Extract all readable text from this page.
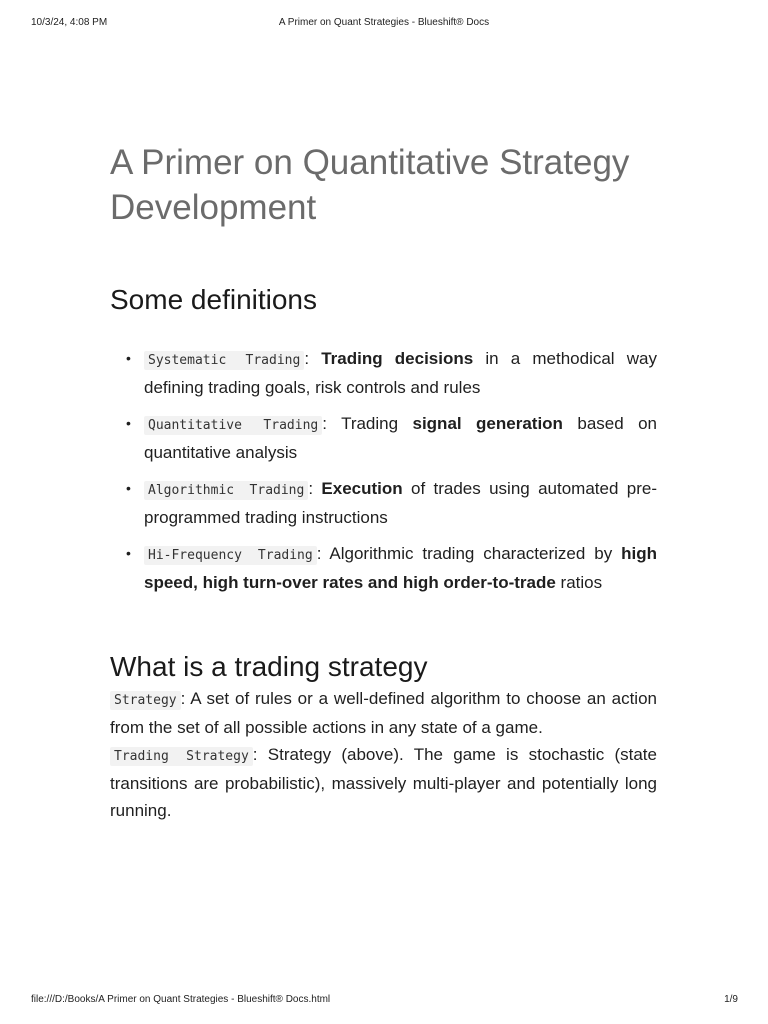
10/3/24, 4:08 PM	A Primer on Quant Strategies - Blueshift® Docs
A Primer on Quantitative Strategy Development
Some definitions
• Systematic Trading : Trading decisions in a methodical way defining trading goals, risk controls and rules
• Quantitative Trading : Trading signal generation based on quantitative analysis
• Algorithmic Trading : Execution of trades using automated pre-programmed trading instructions
• Hi-Frequency Trading : Algorithmic trading characterized by high speed, high turn-over rates and high order-to-trade ratios
What is a trading strategy

Strategy : A set of rules or a well-defined algorithm to choose an action from the set of all possible actions in any state of a game.

Trading Strategy : Strategy (above). The game is stochastic (state transitions are probabilistic), massively multi-player and potentially long running.

file:///D:/Books/A Primer on Quant Strategies - Blueshift® Docs.html	1/9
